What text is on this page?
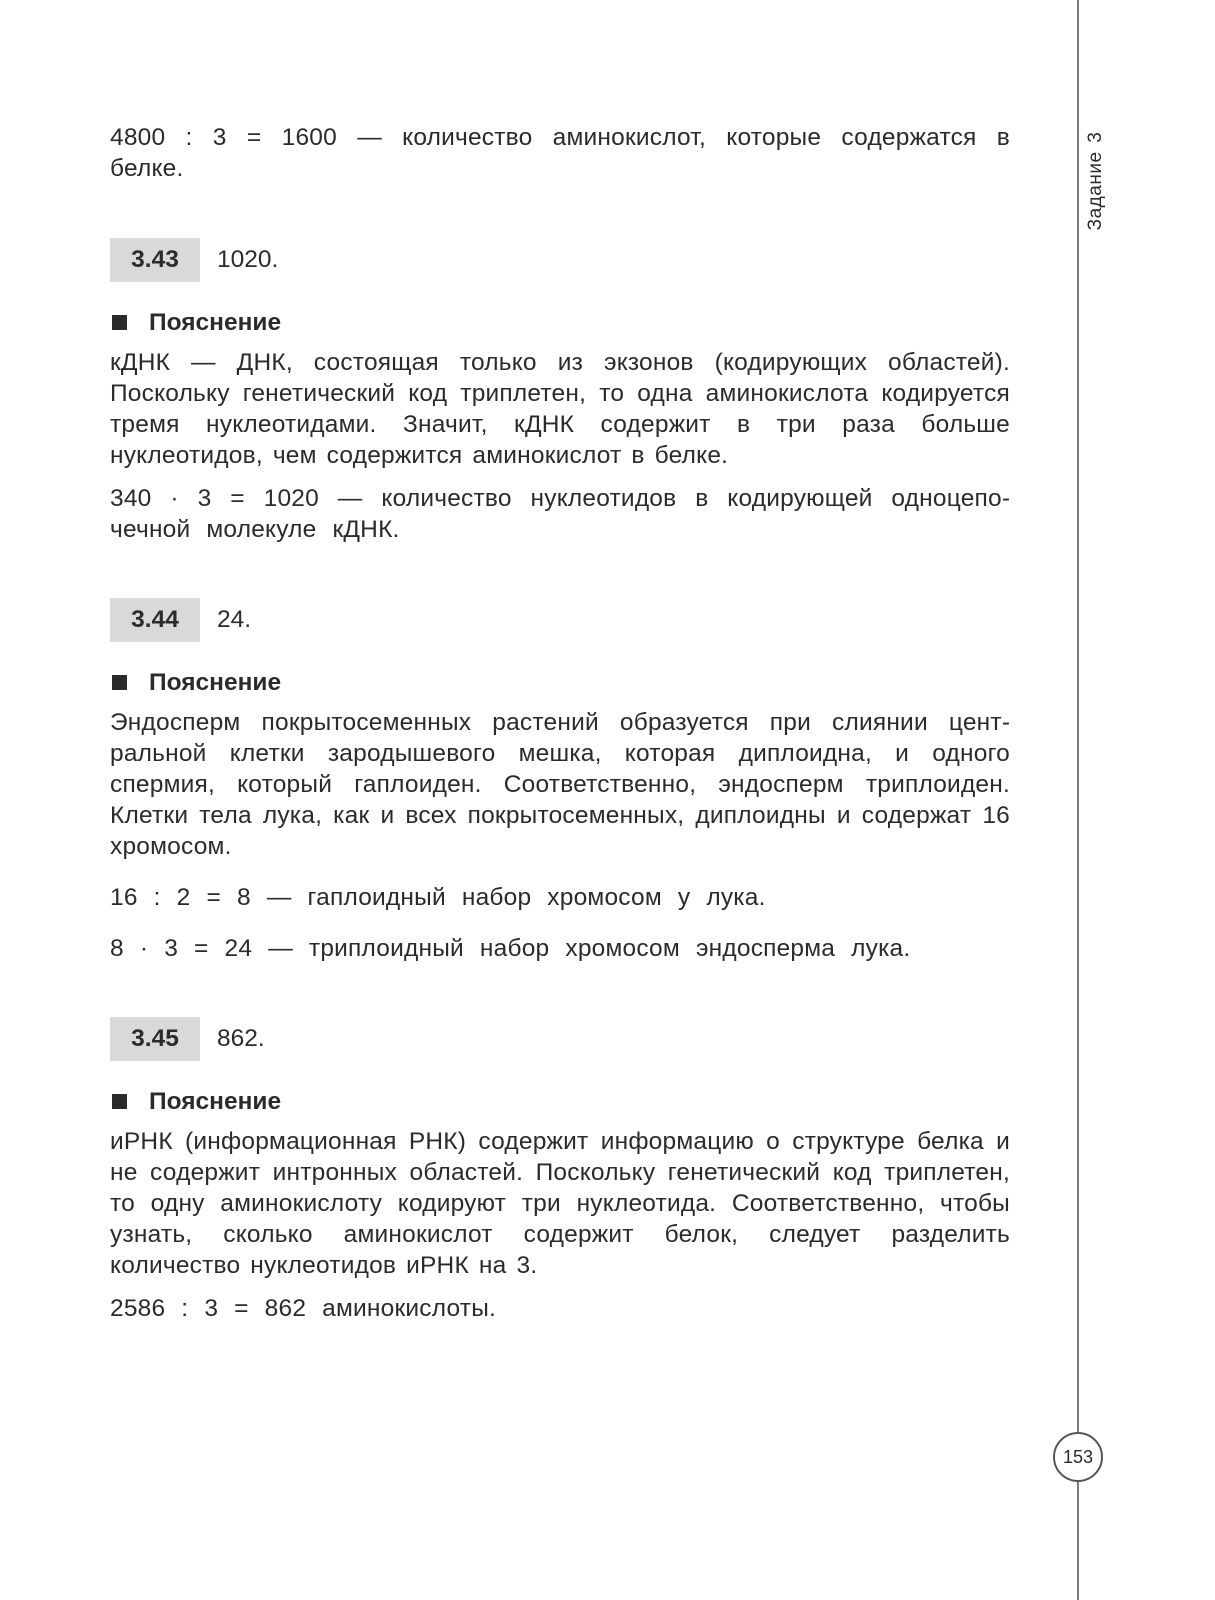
Задание 3

4800 : 3 = 1600 — количество аминокислот, которые содержатся в белке.

3.43	1020.
Пояснение

кДНК — ДНК, состоящая только из экзонов (кодирующих областей). Поскольку генетический код триплетен, то одна аминокислота кодируется тремя нуклеотидами. Значит, кДНК содержит в три раза больше нуклеотидов, чем содержится аминокислот в белке.

340 · 3 = 1020 — количество нуклеотидов в кодирующей одноцепочечной молекуле кДНК.

3.44	24.
Пояснение

Эндосперм покрытосеменных растений образуется при слиянии центральной клетки зародышевого мешка, которая диплоидна, и одного спермия, который гаплоиден. Соответственно, эндосперм триплоиден. Клетки тела лука, как и всех покрытосеменных, диплоидны и содержат 16 хромосом.

16 : 2 = 8 — гаплоидный набор хромосом у лука.

8 · 3 = 24 — триплоидный набор хромосом эндосперма лука.

3.45	862.
Пояснение

иРНК (информационная РНК) содержит информацию о структуре белка и не содержит интронных областей. Поскольку генетический код триплетен, то одну аминокислоту кодируют три нуклеотида. Соответственно, чтобы узнать, сколько аминокислот содержит белок, следует разделить количество нуклеотидов иРНК на 3.

2586 : 3 = 862 аминокислоты.

153
